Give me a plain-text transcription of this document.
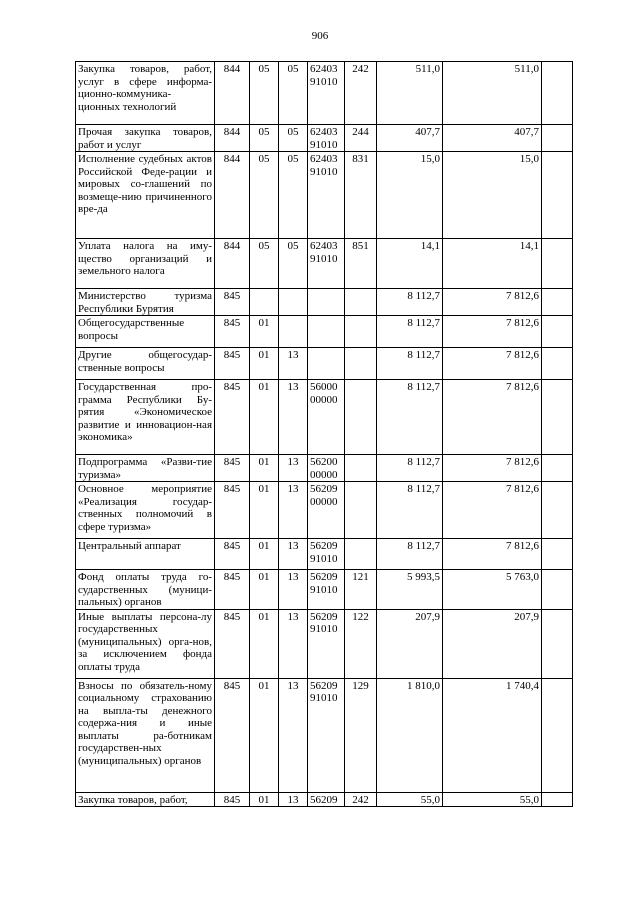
906
Закупка товаров, работ, услуг в сфере информа-ционно-коммуника-ционных технологий	844	05	05	62403 91010	242	511,0	511,0	
Прочая закупка товаров, работ и услуг	844	05	05	62403 91010	244	407,7	407,7	
Исполнение судебных актов Российской Феде-рации и мировых со-глашений по возмеще-нию причиненного вре-да	844	05	05	62403 91010	831	15,0	15,0	
Уплата налога на иму-щество организаций и земельного налога	844	05	05	62403 91010	851	14,1	14,1	
Министерство туризма Республики Бурятия	845					8 112,7	7 812,6	
Общегосударственные вопросы	845	01				8 112,7	7 812,6	
Другие общегосудар-ственные вопросы	845	01	13			8 112,7	7 812,6	
Государственная про-грамма Республики Бу-рятия «Экономическое развитие и инновацион-ная экономика»	845	01	13	56000 00000		8 112,7	7 812,6	
Подпрограмма «Разви-тие туризма»	845	01	13	56200 00000		8 112,7	7 812,6	
Основное мероприятие «Реализация государ-ственных полномочий в сфере туризма»	845	01	13	56209 00000		8 112,7	7 812,6	
Центральный аппарат	845	01	13	56209 91010		8 112,7	7 812,6	
Фонд оплаты труда го-сударственных (муници-пальных) органов	845	01	13	56209 91010	121	5 993,5	5 763,0	
Иные выплаты персона-лу государственных (муниципальных) орга-нов, за исключением фонда оплаты труда	845	01	13	56209 91010	122	207,9	207,9	
Взносы по обязатель-ному социальному страхованию на выпла-ты денежного содержа-ния и иные выплаты ра-ботникам государствен-ных (муниципальных) органов	845	01	13	56209 91010	129	1 810,0	1 740,4	
Закупка товаров, работ,	845	01	13	56209	242	55,0	55,0	
